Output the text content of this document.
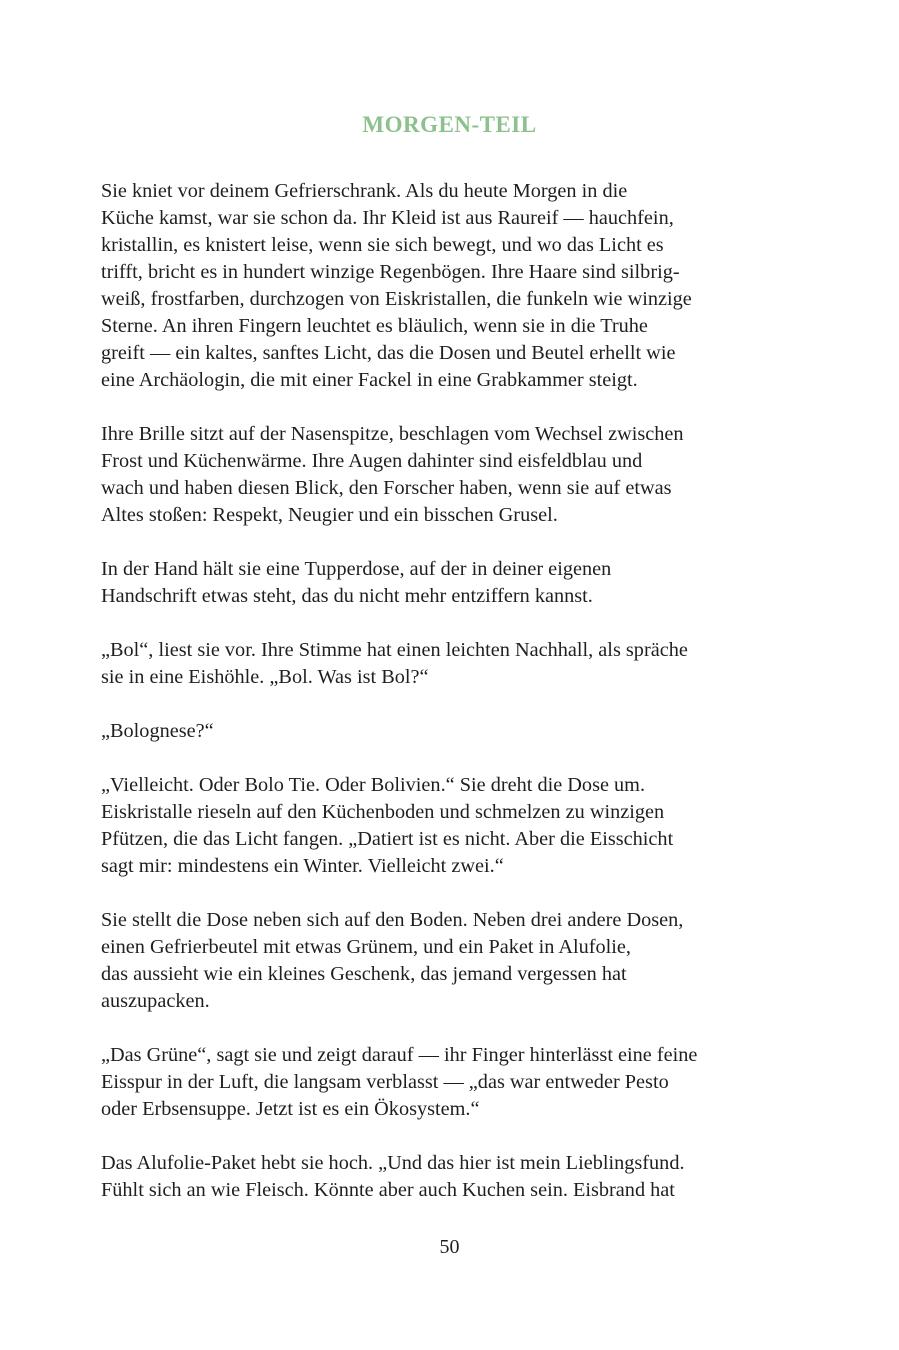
MORGEN-TEIL

Sie kniet vor deinem Gefrierschrank. Als du heute Morgen in die
Küche kamst, war sie schon da. Ihr Kleid ist aus Raureif — hauchfein,
kristallin, es knistert leise, wenn sie sich bewegt, und wo das Licht es
trifft, bricht es in hundert winzige Regenbögen. Ihre Haare sind silbrig-
weiß, frostfarben, durchzogen von Eiskristallen, die funkeln wie winzige
Sterne. An ihren Fingern leuchtet es bläulich, wenn sie in die Truhe
greift — ein kaltes, sanftes Licht, das die Dosen und Beutel erhellt wie
eine Archäologin, die mit einer Fackel in eine Grabkammer steigt.

Ihre Brille sitzt auf der Nasenspitze, beschlagen vom Wechsel zwischen
Frost und Küchenwärme. Ihre Augen dahinter sind eisfeldblau und
wach und haben diesen Blick, den Forscher haben, wenn sie auf etwas
Altes stoßen: Respekt, Neugier und ein bisschen Grusel.

In der Hand hält sie eine Tupperdose, auf der in deiner eigenen
Handschrift etwas steht, das du nicht mehr entziffern kannst.

„Bol“, liest sie vor. Ihre Stimme hat einen leichten Nachhall, als spräche
sie in eine Eishöhle. „Bol. Was ist Bol?“

„Bolognese?“

„Vielleicht. Oder Bolo Tie. Oder Bolivien.“ Sie dreht die Dose um.
Eiskristalle rieseln auf den Küchenboden und schmelzen zu winzigen
Pfützen, die das Licht fangen. „Datiert ist es nicht. Aber die Eisschicht
sagt mir: mindestens ein Winter. Vielleicht zwei.“

Sie stellt die Dose neben sich auf den Boden. Neben drei andere Dosen,
einen Gefrierbeutel mit etwas Grünem, und ein Paket in Alufolie,
das aussieht wie ein kleines Geschenk, das jemand vergessen hat
auszupacken.

„Das Grüne“, sagt sie und zeigt darauf — ihr Finger hinterlässt eine feine
Eisspur in der Luft, die langsam verblasst — „das war entweder Pesto
oder Erbsensuppe. Jetzt ist es ein Ökosystem.“

Das Alufolie-Paket hebt sie hoch. „Und das hier ist mein Lieblingsfund.
Fühlt sich an wie Fleisch. Könnte aber auch Kuchen sein. Eisbrand hat

50
